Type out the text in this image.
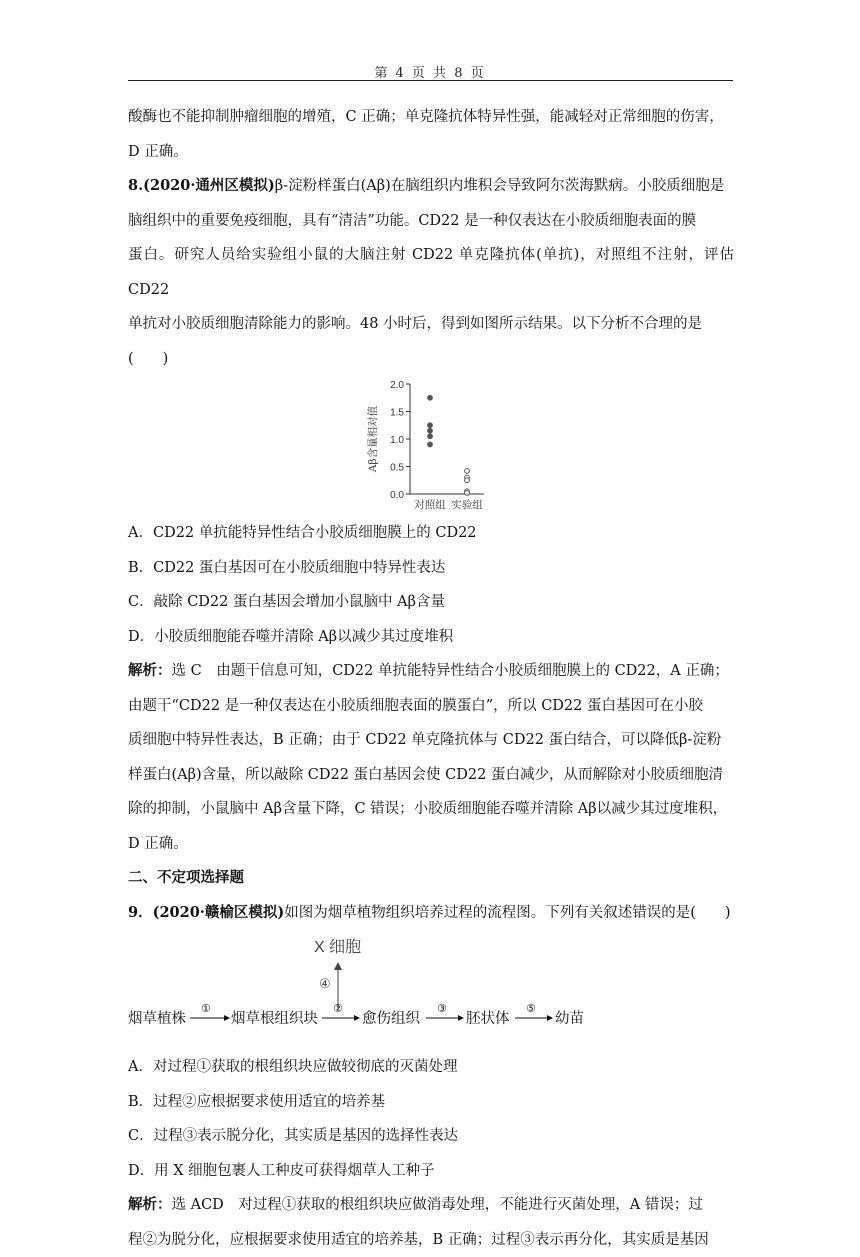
第 4 页 共 8 页

酸酶也不能抑制肿瘤细胞的增殖，C 正确；单克隆抗体特异性强，能减轻对正常细胞的伤害，

D 正确。

8.(2020·通州区模拟)β-淀粉样蛋白(Aβ)在脑组织内堆积会导致阿尔茨海默病。小胶质细胞是

脑组织中的重要免疫细胞，具有“清洁”功能。CD22 是一种仅表达在小胶质细胞表面的膜

蛋白。研究人员给实验组小鼠的大脑注射 CD22 单克隆抗体(单抗)，对照组不注射，评估 CD22

单抗对小胶质细胞清除能力的影响。48 小时后，得到如图所示结果。以下分析不合理的是

(　　)

2.0
1.5
1.0
0.5
0.0
Aβ含量相对值
对照组 实验组

A．CD22 单抗能特异性结合小胶质细胞膜上的 CD22

B．CD22 蛋白基因可在小胶质细胞中特异性表达

C．敲除 CD22 蛋白基因会增加小鼠脑中 Aβ含量

D．小胶质细胞能吞噬并清除 Aβ以减少其过度堆积

解析：选 C　由题干信息可知，CD22 单抗能特异性结合小胶质细胞膜上的 CD22，A 正确；

由题干“CD22 是一种仅表达在小胶质细胞表面的膜蛋白”，所以 CD22 蛋白基因可在小胶

质细胞中特异性表达，B 正确；由于 CD22 单克隆抗体与 CD22 蛋白结合，可以降低β-淀粉

样蛋白(Aβ)含量，所以敲除 CD22 蛋白基因会使 CD22 蛋白减少，从而解除对小胶质细胞清

除的抑制，小鼠脑中 Aβ含量下降，C 错误；小胶质细胞能吞噬并清除 Aβ以减少其过度堆积，

D 正确。

二、不定项选择题

9．(2020·赣榆区模拟)如图为烟草植物组织培养过程的流程图。下列有关叙述错误的是(　　)

X 细胞
④
烟草植株
①
烟草根组织块
②
愈伤组织
③
胚状体
⑤
幼苗

A．对过程①获取的根组织块应做较彻底的灭菌处理

B．过程②应根据要求使用适宜的培养基

C．过程③表示脱分化，其实质是基因的选择性表达

D．用 X 细胞包裹人工种皮可获得烟草人工种子

解析：选 ACD　对过程①获取的根组织块应做消毒处理，不能进行灭菌处理，A 错误；过

程②为脱分化，应根据要求使用适宜的培养基，B 正确；过程③表示再分化，其实质是基因
